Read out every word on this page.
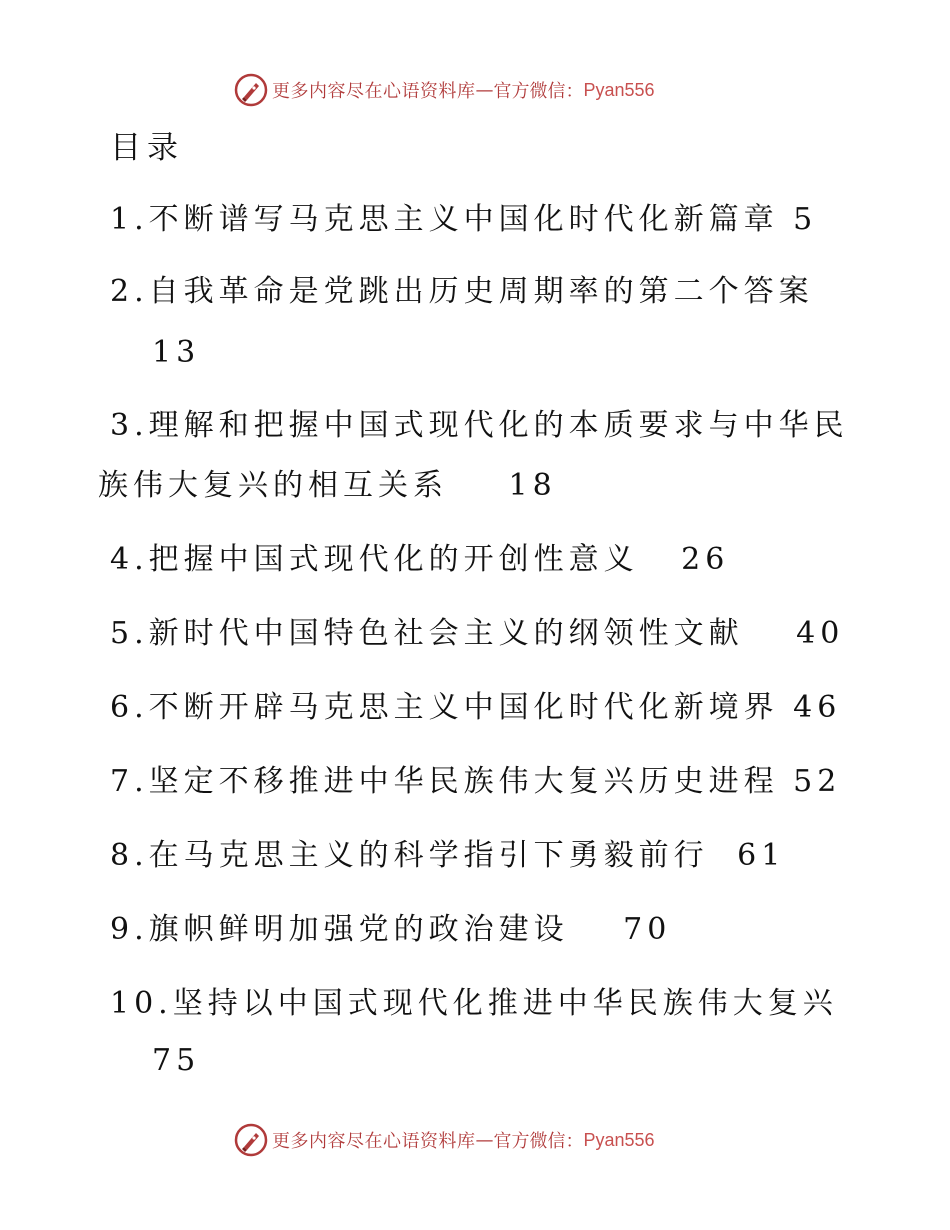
更多内容尽在心语资料库 — 官方微信： Pyan556
目录
1.不断谱写马克思主义中国化时代化新篇章 5
2.自我革命是党跳出历史周期率的第二个答案
13
3.理解和把握中国式现代化的本质要求与中华民
族伟大复兴的相互关系 18
4.把握中国式现代化的开创性意义 26
5.新时代中国特色社会主义的纲领性文献 40
6.不断开辟马克思主义中国化时代化新境界 46
7.坚定不移推进中华民族伟大复兴历史进程 52
8.在马克思主义的科学指引下勇毅前行 61
9.旗帜鲜明加强党的政治建设 70
10.坚持以中国式现代化推进中华民族伟大复兴
75
更多内容尽在心语资料库 — 官方微信： Pyan556
